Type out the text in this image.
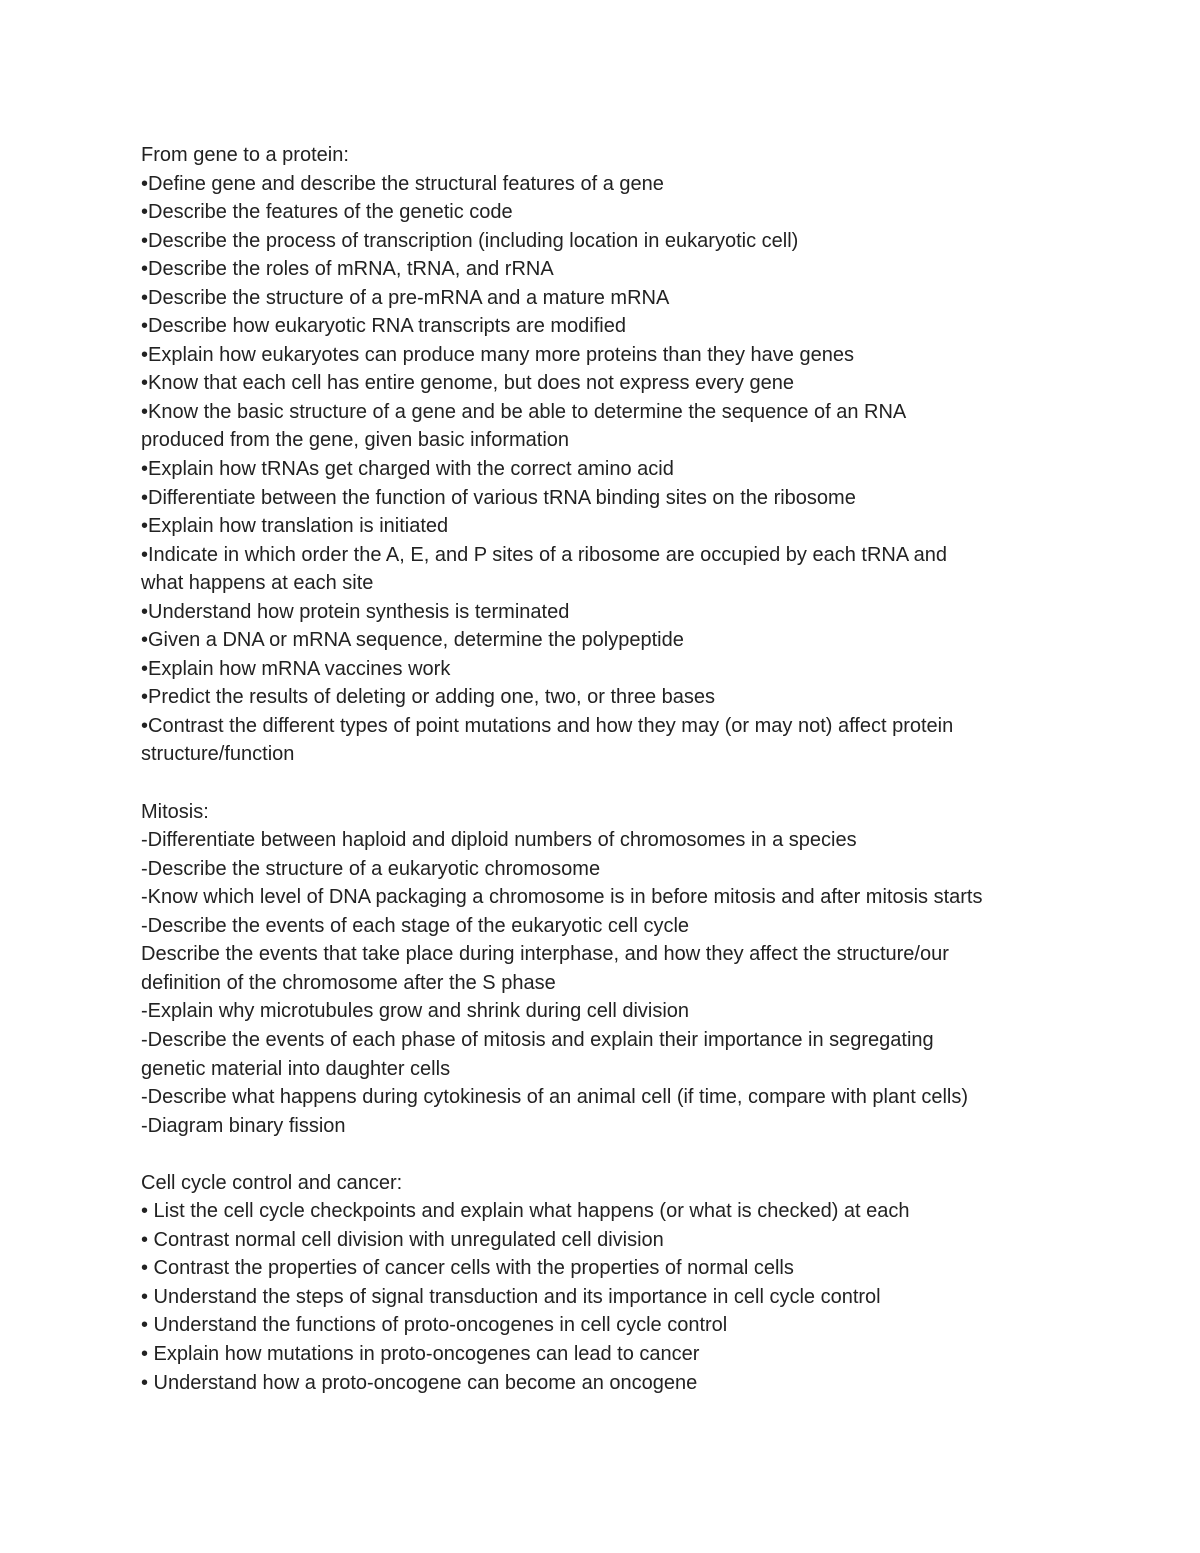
From gene to a protein:
•Define gene and describe the structural features of a gene
•Describe the features of the genetic code
•Describe the process of transcription (including location in eukaryotic cell)
•Describe the roles of mRNA, tRNA, and rRNA
•Describe the structure of a pre-mRNA and a mature mRNA
•Describe how eukaryotic RNA transcripts are modified
•Explain how eukaryotes can produce many more proteins than they have genes
•Know that each cell has entire genome, but does not express every gene
•Know the basic structure of a gene and be able to determine the sequence of an RNA
produced from the gene, given basic information
•Explain how tRNAs get charged with the correct amino acid
•Differentiate between the function of various tRNA binding sites on the ribosome
•Explain how translation is initiated
•Indicate in which order the A, E, and P sites of a ribosome are occupied by each tRNA and
what happens at each site
•Understand how protein synthesis is terminated
•Given a DNA or mRNA sequence, determine the polypeptide
•Explain how mRNA vaccines work
•Predict the results of deleting or adding one, two, or three bases
•Contrast the different types of point mutations and how they may (or may not) affect protein
structure/function
Mitosis:
-Differentiate between haploid and diploid numbers of chromosomes in a species
-Describe the structure of a eukaryotic chromosome
-Know which level of DNA packaging a chromosome is in before mitosis and after mitosis starts
-Describe the events of each stage of the eukaryotic cell cycle
Describe the events that take place during interphase, and how they affect the structure/our
definition of the chromosome after the S phase
-Explain why microtubules grow and shrink during cell division
-Describe the events of each phase of mitosis and explain their importance in segregating
genetic material into daughter cells
-Describe what happens during cytokinesis of an animal cell (if time, compare with plant cells)
-Diagram binary fission
Cell cycle control and cancer:
• List the cell cycle checkpoints and explain what happens (or what is checked) at each
• Contrast normal cell division with unregulated cell division
• Contrast the properties of cancer cells with the properties of normal cells
• Understand the steps of signal transduction and its importance in cell cycle control
• Understand the functions of proto-oncogenes in cell cycle control
• Explain how mutations in proto-oncogenes can lead to cancer
• Understand how a proto-oncogene can become an oncogene
